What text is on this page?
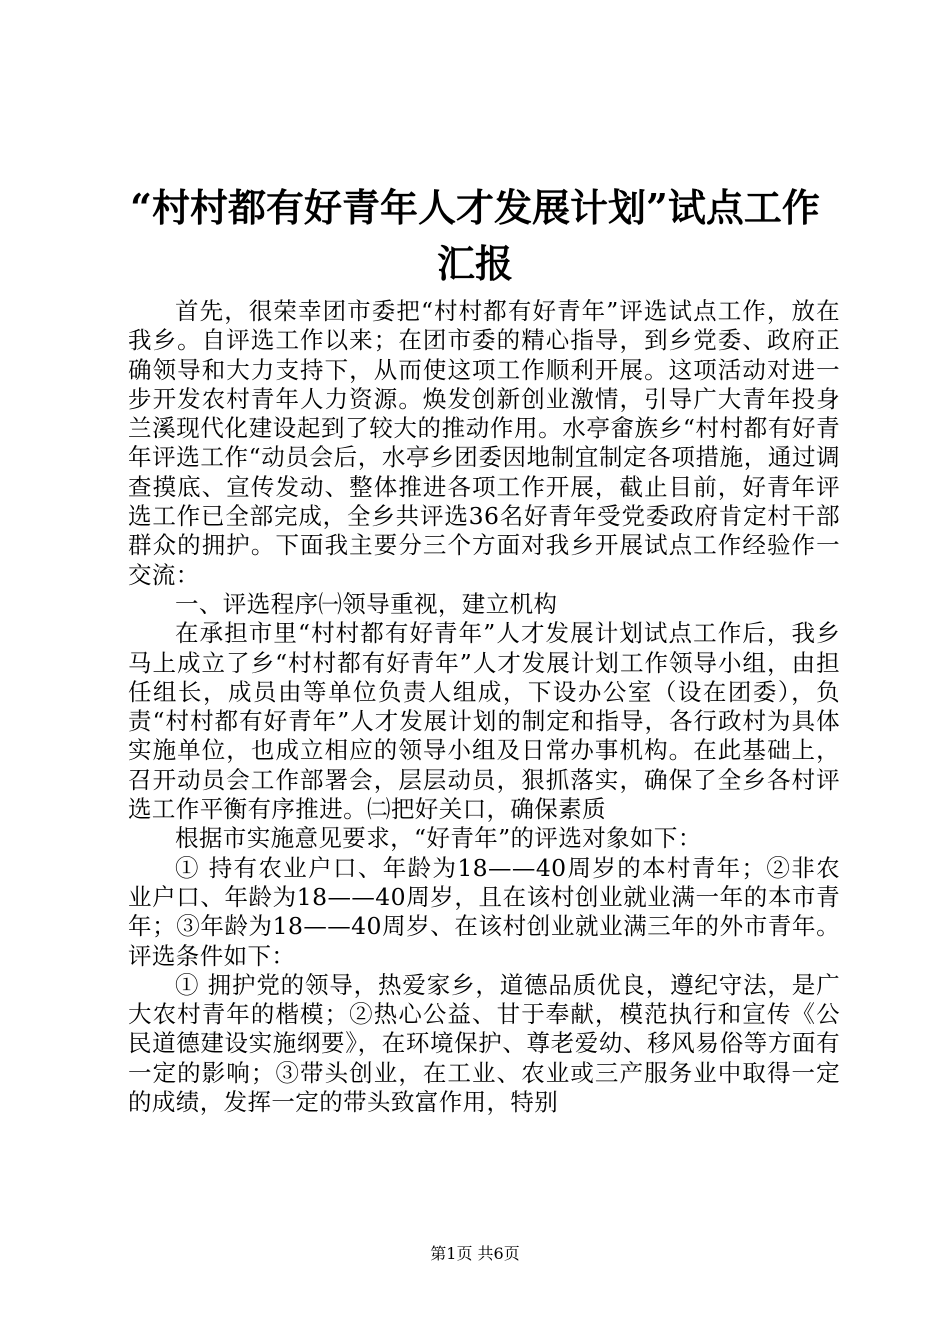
“村村都有好青年人才发展计划”试点工作汇报

首先，很荣幸团市委把“村村都有好青年”评选试点工作，放在我乡。自评选工作以来；在团市委的精心指导，到乡党委、政府正确领导和大力支持下，从而使这项工作顺利开展。这项活动对进一步开发农村青年人力资源。焕发创新创业激情，引导广大青年投身兰溪现代化建设起到了较大的推动作用。水亭畲族乡“村村都有好青年评选工作“动员会后，水亭乡团委因地制宜制定各项措施，通过调查摸底、宣传发动、整体推进各项工作开展，截止目前，好青年评选工作已全部完成，全乡共评选36名好青年受党委政府肯定村干部群众的拥护。下面我主要分三个方面对我乡开展试点工作经验作一交流：

一、评选程序㈠领导重视，建立机构

在承担市里“村村都有好青年”人才发展计划试点工作后，我乡马上成立了乡“村村都有好青年”人才发展计划工作领导小组，由担任组长，成员由等单位负责人组成，下设办公室（设在团委），负责“村村都有好青年”人才发展计划的制定和指导，各行政村为具体实施单位，也成立相应的领导小组及日常办事机构。在此基础上，召开动员会工作部署会，层层动员，狠抓落实，确保了全乡各村评选工作平衡有序推进。㈡把好关口，确保素质

根据市实施意见要求，“好青年”的评选对象如下：

① 持有农业户口、年龄为18——40周岁的本村青年；②非农业户口、年龄为18——40周岁，且在该村创业就业满一年的本市青年；③年龄为18——40周岁、在该村创业就业满三年的外市青年。评选条件如下：

① 拥护党的领导，热爱家乡，道德品质优良，遵纪守法，是广大农村青年的楷模；②热心公益、甘于奉献，模范执行和宣传《公民道德建设实施纲要》，在环境保护、尊老爱幼、移风易俗等方面有一定的影响；③带头创业，在工业、农业或三产服务业中取得一定的成绩，发挥一定的带头致富作用，特别

第1页 共6页
